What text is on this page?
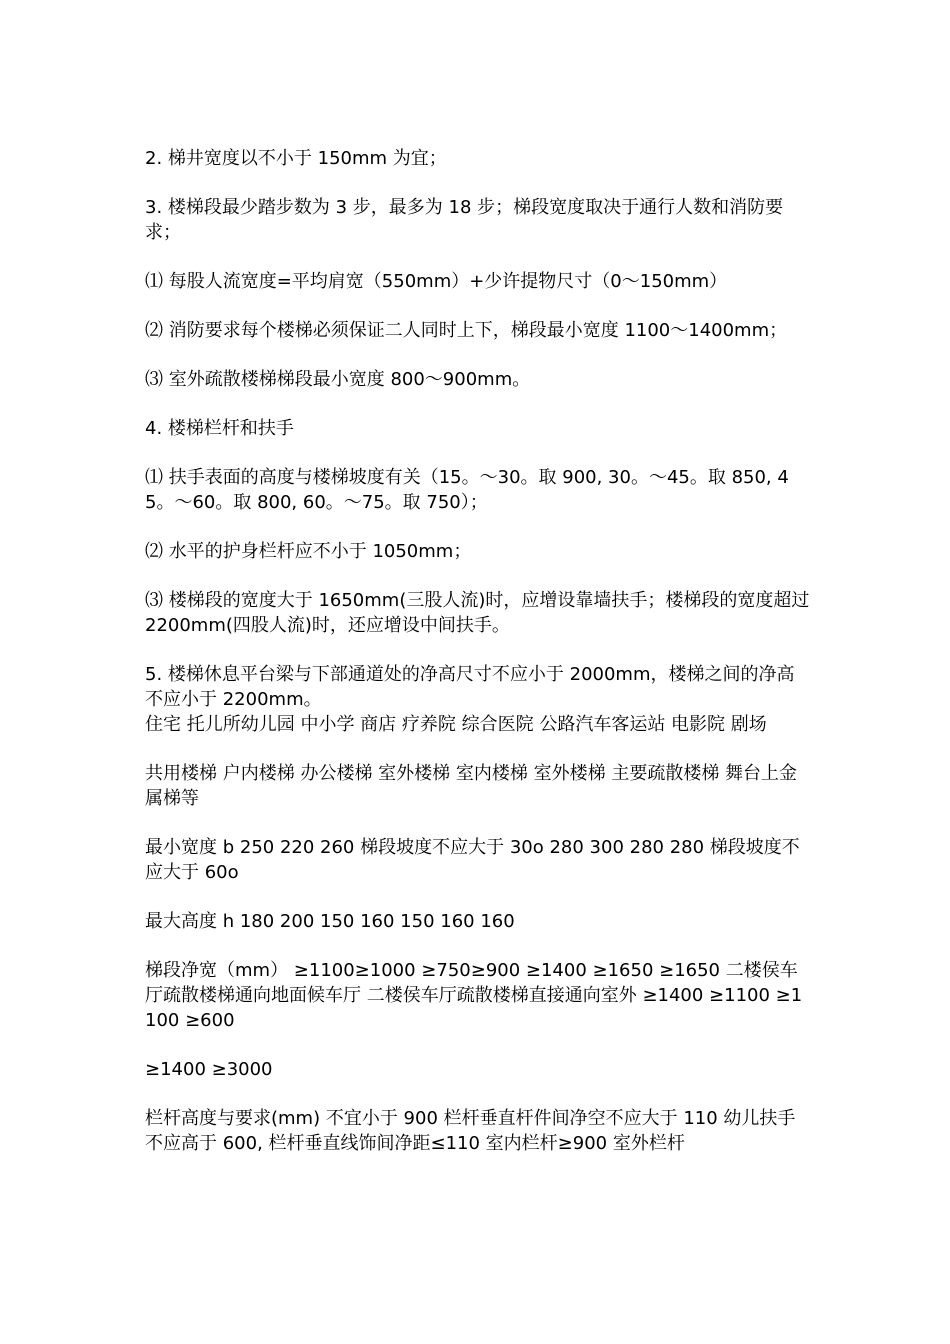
2. 梯井宽度以不小于 150mm 为宜；

3. 楼梯段最少踏步数为 3 步，最多为 18 步；梯段宽度取决于通行人数和消防要求；

⑴ 每股人流宽度=平均肩宽（550mm）+少许提物尺寸（0～150mm）

⑵ 消防要求每个楼梯必须保证二人同时上下，梯段最小宽度 1100～1400mm；

⑶ 室外疏散楼梯梯段最小宽度 800～900mm。

4. 楼梯栏杆和扶手

⑴ 扶手表面的高度与楼梯坡度有关（15。～30。取 900, 30。～45。取 850, 45。～60。取 800, 60。～75。取 750）；

⑵ 水平的护身栏杆应不小于 1050mm；

⑶ 楼梯段的宽度大于 1650mm(三股人流)时，应增设靠墙扶手；楼梯段的宽度超过 2200mm(四股人流)时，还应增设中间扶手。

5. 楼梯休息平台梁与下部通道处的净高尺寸不应小于 2000mm，楼梯之间的净高不应小于 2200mm。

住宅 托儿所幼儿园 中小学 商店 疗养院 综合医院 公路汽车客运站 电影院 剧场

共用楼梯 户内楼梯 办公楼梯 室外楼梯 室内楼梯 室外楼梯 主要疏散楼梯 舞台上金属梯等

最小宽度 b 250 220 260 梯段坡度不应大于 30o 280 300 280 280 梯段坡度不应大于 60o

最大高度 h 180 200 150 160 150 160 160

梯段净宽（mm） ≥1100≥1000 ≥750≥900 ≥1400 ≥1650 ≥1650 二楼侯车厅疏散楼梯通向地面候车厅 二楼侯车厅疏散楼梯直接通向室外 ≥1400 ≥1100 ≥1100 ≥600

≥1400 ≥3000

栏杆高度与要求(mm) 不宜小于 900 栏杆垂直杆件间净空不应大于 110 幼儿扶手不应高于 600, 栏杆垂直线饰间净距≤110 室内栏杆≥900 室外栏杆
